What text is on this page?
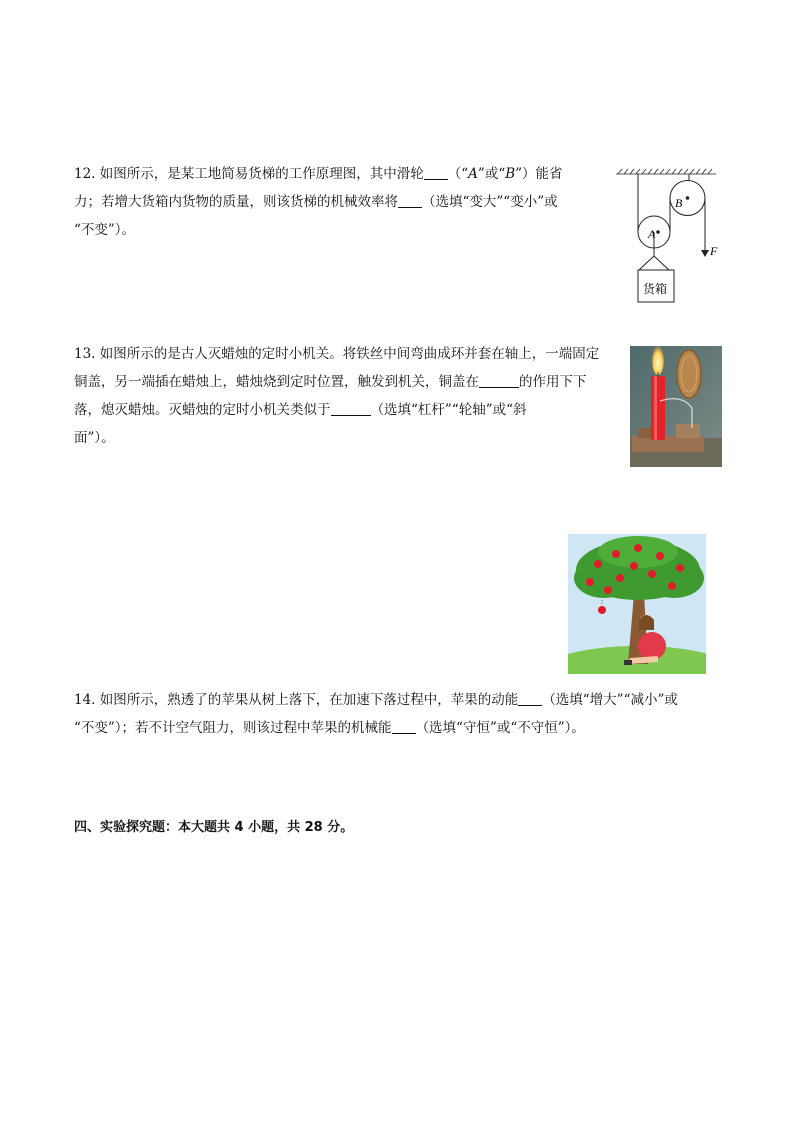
12. 如图所示，是某工地简易货梯的工作原理图，其中滑轮 （“A”或“B”）能省
力；若增大货箱内货物的质量，则该货梯的机械效率将 （选填“变大”“变小”或
“不变”）。
B
A
F
货箱
13. 如图所示的是古人灭蜡烛的定时小机关。将铁丝中间弯曲成环并套在轴上，一端固定
铜盖，另一端插在蜡烛上，蜡烛烧到定时位置，触发到机关，铜盖在	的作用下下
落，熄灭蜡烛。灭蜡烛的定时小机关类似于	（选填“杠杆”“轮轴”或“斜
面”）。
14. 如图所示，熟透了的苹果从树上落下，在加速下落过程中，苹果的动能 （选填“增大”“减小”或
“不变”）；若不计空气阻力，则该过程中苹果的机械能 （选填“守恒”或“不守恒”）。
四、实验探究题：本大题共 4 小题，共 28 分。
